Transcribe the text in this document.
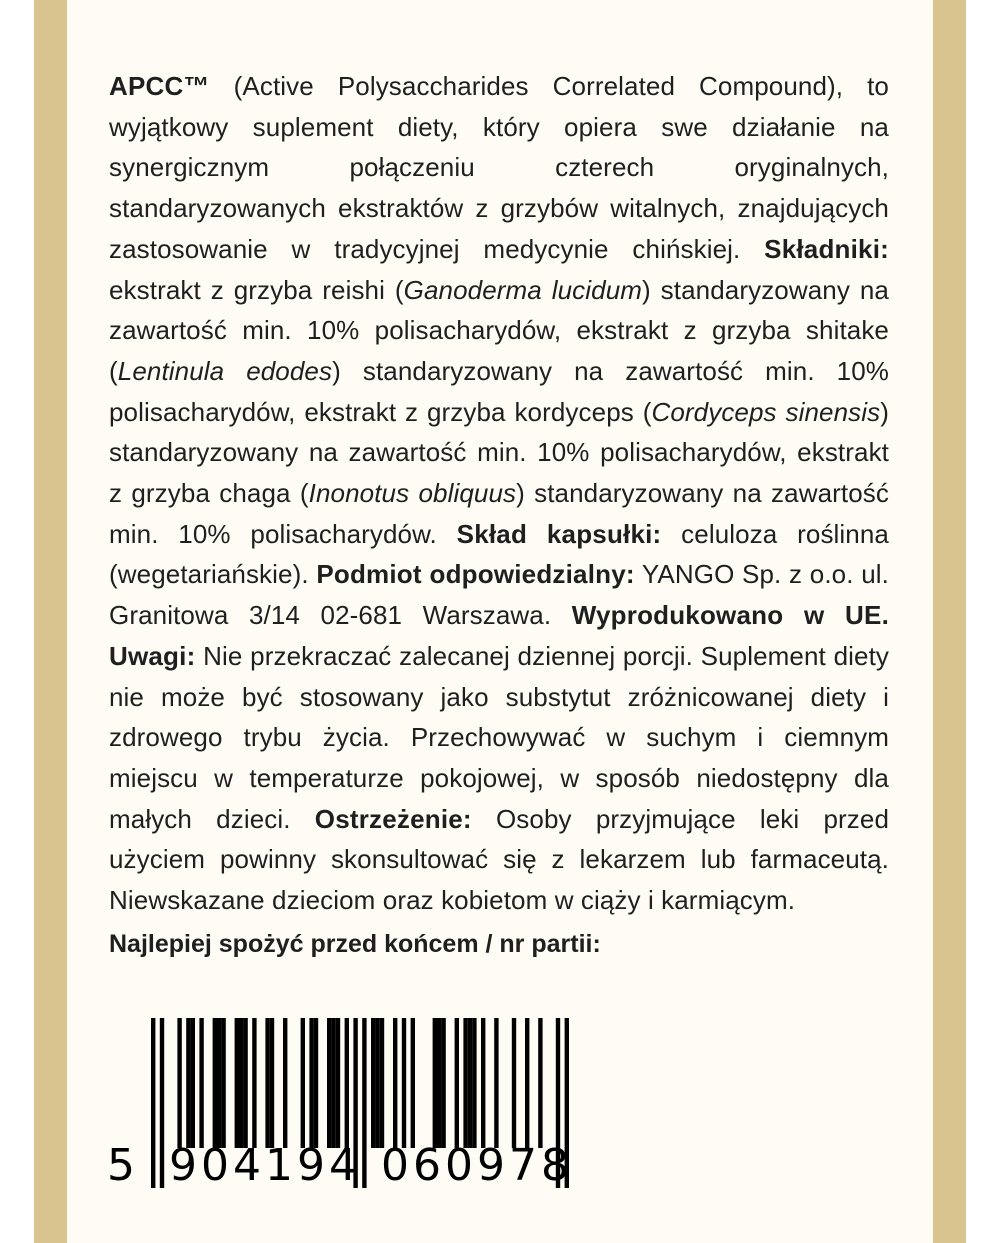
APCC™ (Active Polysaccharides Correlated Compound), to wyjątkowy suplement diety, który opiera swe działanie na synergicznym połączeniu czterech oryginalnych, standaryzowanych ekstraktów z grzybów witalnych, znajdujących zastosowanie w tradycyjnej medycynie chińskiej. Składniki: ekstrakt z grzyba reishi (Ganoderma lucidum) standaryzowany na zawartość min. 10% polisacharydów, ekstrakt z grzyba shitake (Lentinula edodes) standaryzowany na zawartość min. 10% polisacharydów, ekstrakt z grzyba kordyceps (Cordyceps sinensis) standaryzowany na zawartość min. 10% polisacharydów, ekstrakt z grzyba chaga (Inonotus obliquus) standaryzowany na zawartość min. 10% polisacharydów. Skład kapsułki: celuloza roślinna (wegetariańskie). Podmiot odpowiedzialny: YANGO Sp. z o.o. ul. Granitowa 3/14 02-681 Warszawa. Wyprodukowano w UE. Uwagi: Nie przekraczać zalecanej dziennej porcji. Suplement diety nie może być stosowany jako substytut zróżnicowanej diety i zdrowego trybu życia. Przechowywać w suchym i ciemnym miejscu w temperaturze pokojowej, w sposób niedostępny dla małych dzieci. Ostrzeżenie: Osoby przyjmujące leki przed użyciem powinny skonsultować się z lekarzem lub farmaceutą. Niewskazane dzieciom oraz kobietom w ciąży i karmiącym.

Najlepiej spożyć przed końcem / nr partii:
5 904194 060978
